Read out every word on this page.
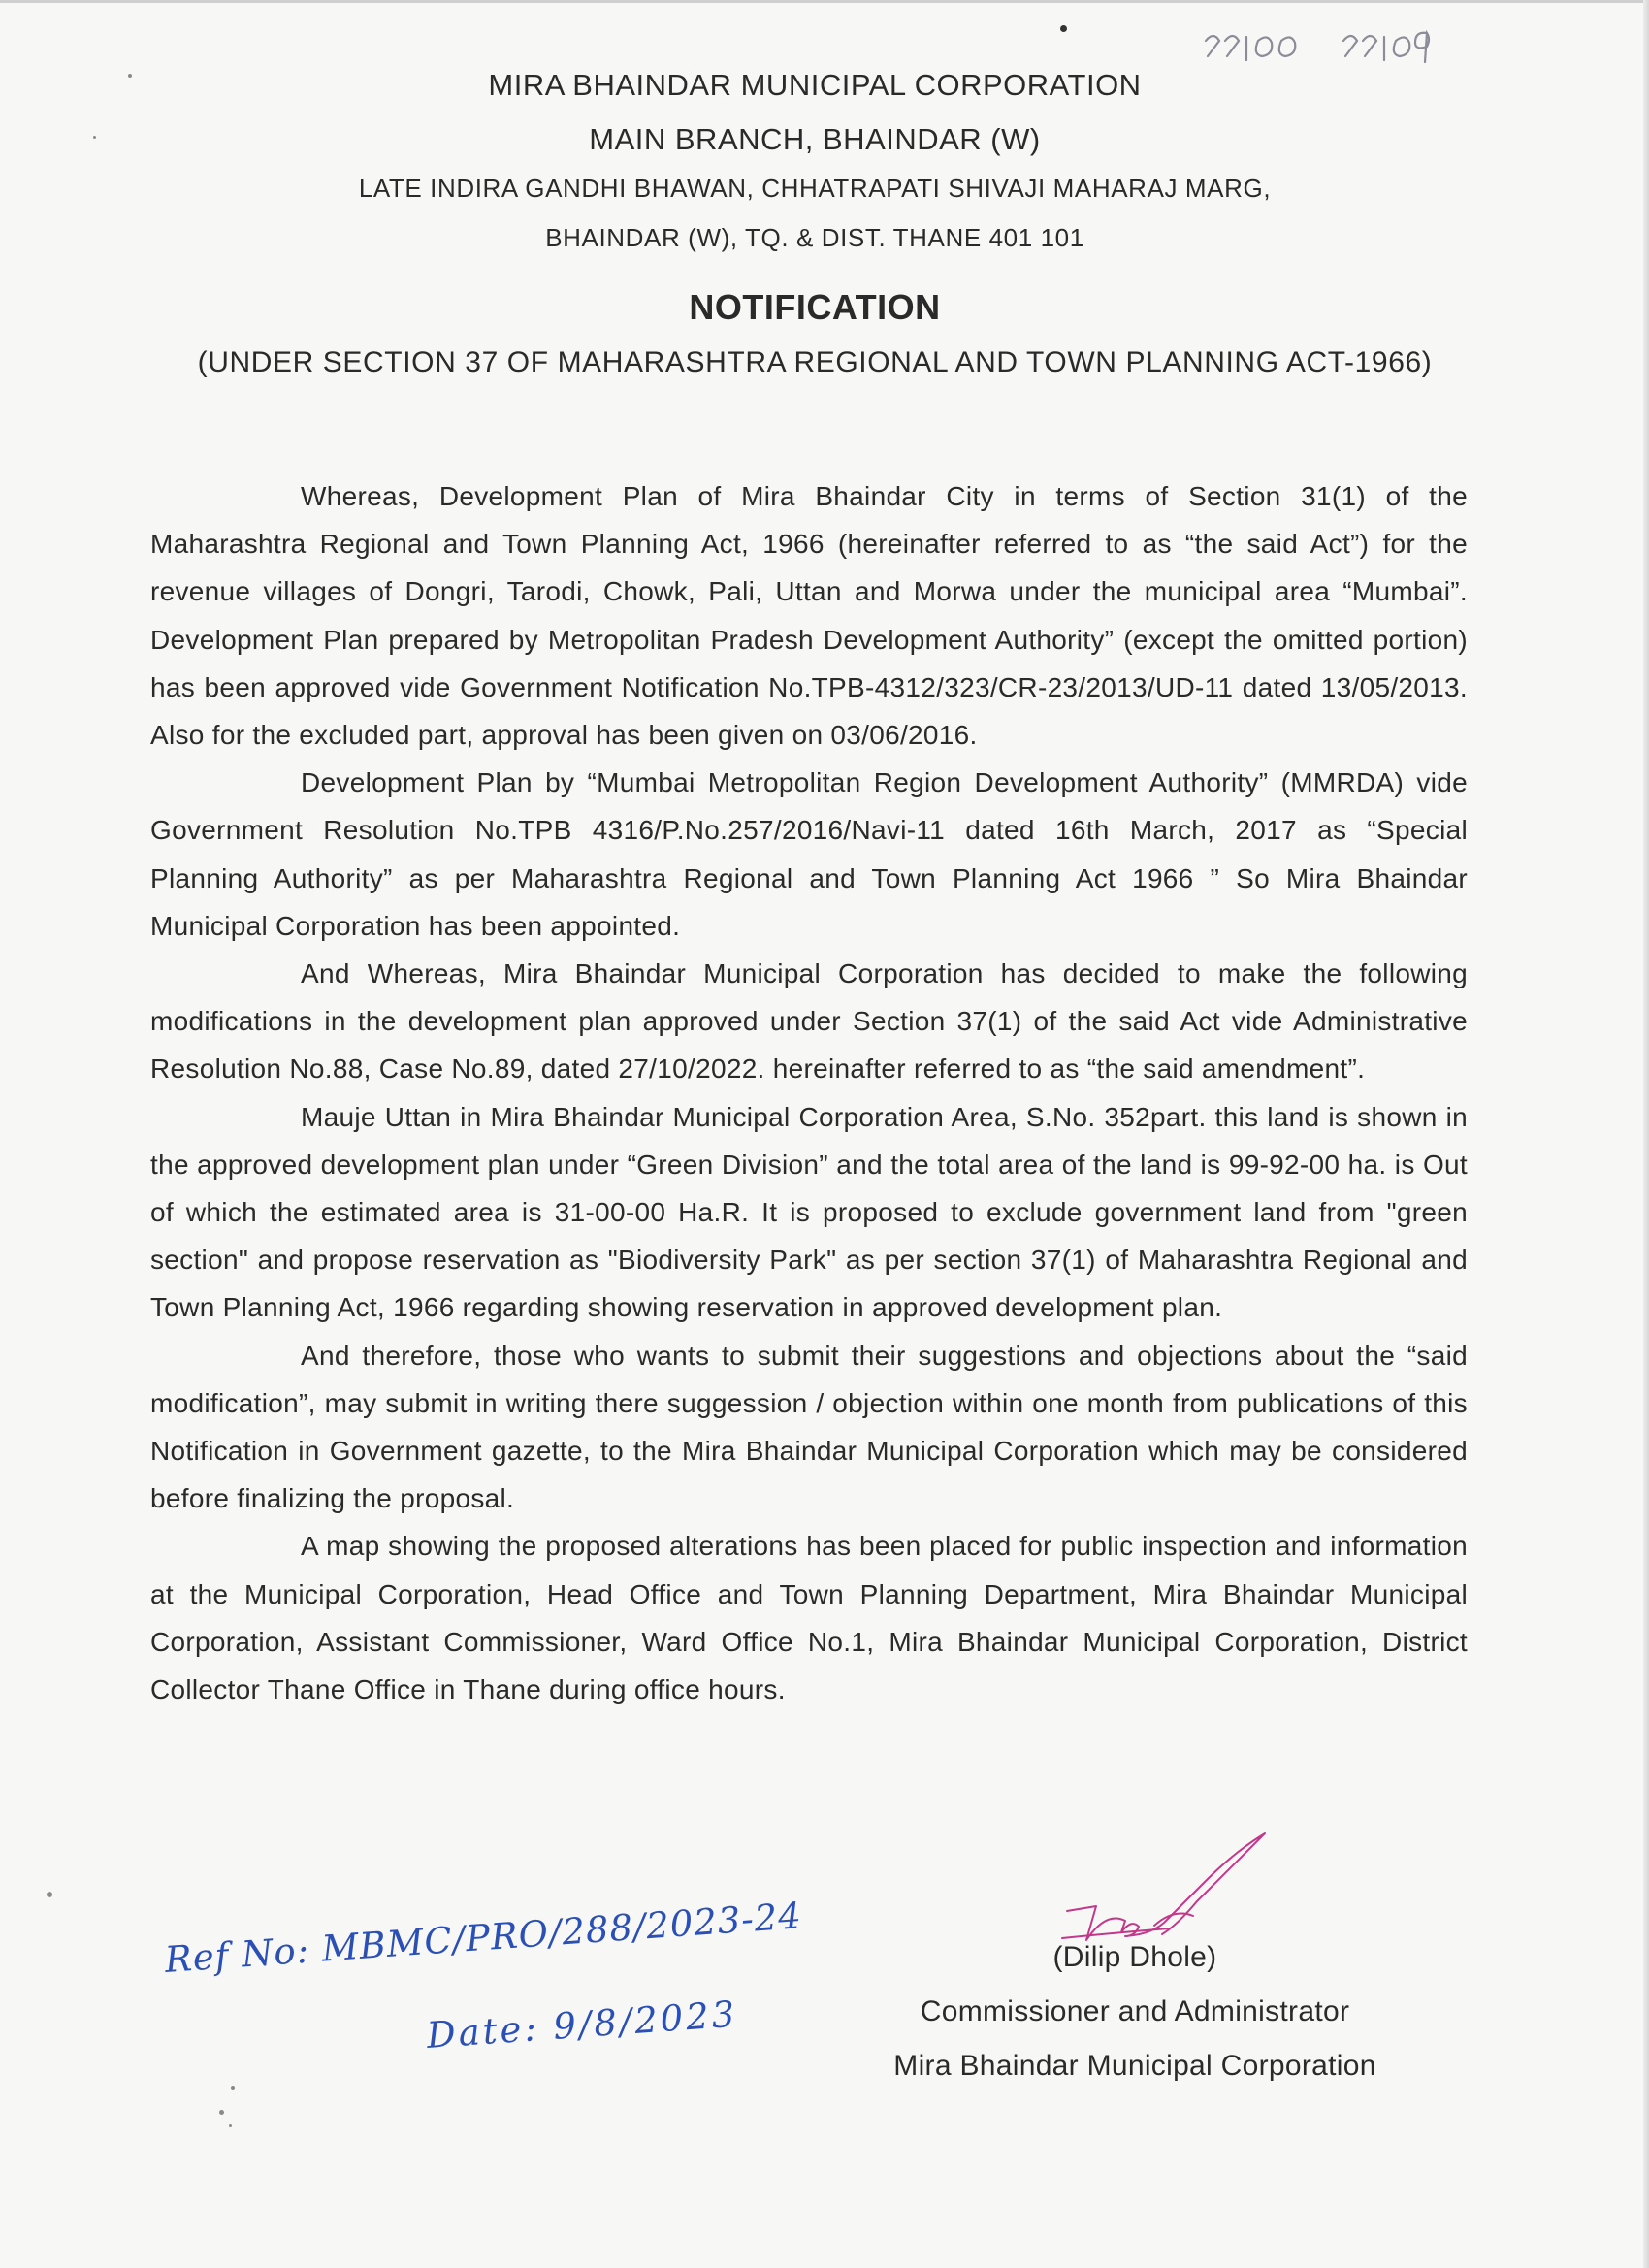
MIRA BHAINDAR MUNICIPAL CORPORATION
MAIN BRANCH, BHAINDAR (W)
LATE INDIRA GANDHI BHAWAN, CHHATRAPATI SHIVAJI MAHARAJ MARG,
BHAINDAR (W), TQ. & DIST. THANE 401 101
NOTIFICATION
(UNDER SECTION 37 OF MAHARASHTRA REGIONAL AND TOWN PLANNING ACT-1966)

Whereas, Development Plan of Mira Bhaindar City in terms of Section 31(1) of the Maharashtra Regional and Town Planning Act, 1966 (hereinafter referred to as “the said Act”) for the revenue villages of Dongri, Tarodi, Chowk, Pali, Uttan and Morwa under the municipal area “Mumbai”. Development Plan prepared by Metropolitan Pradesh Development Authority” (except the omitted portion) has been approved vide Government Notification No.TPB-4312/323/CR-23/2013/UD-11 dated 13/05/2013. Also for the excluded part, approval has been given on 03/06/2016.

Development Plan by “Mumbai Metropolitan Region Development Authority” (MMRDA) vide Government Resolution No.TPB 4316/P.No.257/2016/Navi-11 dated 16th March, 2017 as “Special Planning Authority” as per Maharashtra Regional and Town Planning Act 1966 ” So Mira Bhaindar Municipal Corporation has been appointed.

And Whereas, Mira Bhaindar Municipal Corporation has decided to make the following modifications in the development plan approved under Section 37(1) of the said Act vide Administrative Resolution No.88, Case No.89, dated 27/10/2022. hereinafter referred to as “the said amendment”.

Mauje Uttan in Mira Bhaindar Municipal Corporation Area, S.No. 352part. this land is shown in the approved development plan under “Green Division” and the total area of the land is 99-92-00 ha. is Out of which the estimated area is 31-00-00 Ha.R. It is proposed to exclude government land from "green section" and propose reservation as "Biodiversity Park" as per section 37(1) of Maharashtra Regional and Town Planning Act, 1966 regarding showing reservation in approved development plan.

And therefore, those who wants to submit their suggestions and objections about the “said modification”, may submit in writing there suggession / objection within one month from publications of this Notification in Government gazette, to the Mira Bhaindar Municipal Corporation which may be considered before finalizing the proposal.

A map showing the proposed alterations has been placed for public inspection and information at the Municipal Corporation, Head Office and Town Planning Department, Mira Bhaindar Municipal Corporation, Assistant Commissioner, Ward Office No.1, Mira Bhaindar Municipal Corporation, District Collector Thane Office in Thane during office hours.

Ref No: MBMC/PRO/288/2023-24
Date: 9/8/2023
(Dilip Dhole)
Commissioner and Administrator
Mira Bhaindar Municipal Corporation
